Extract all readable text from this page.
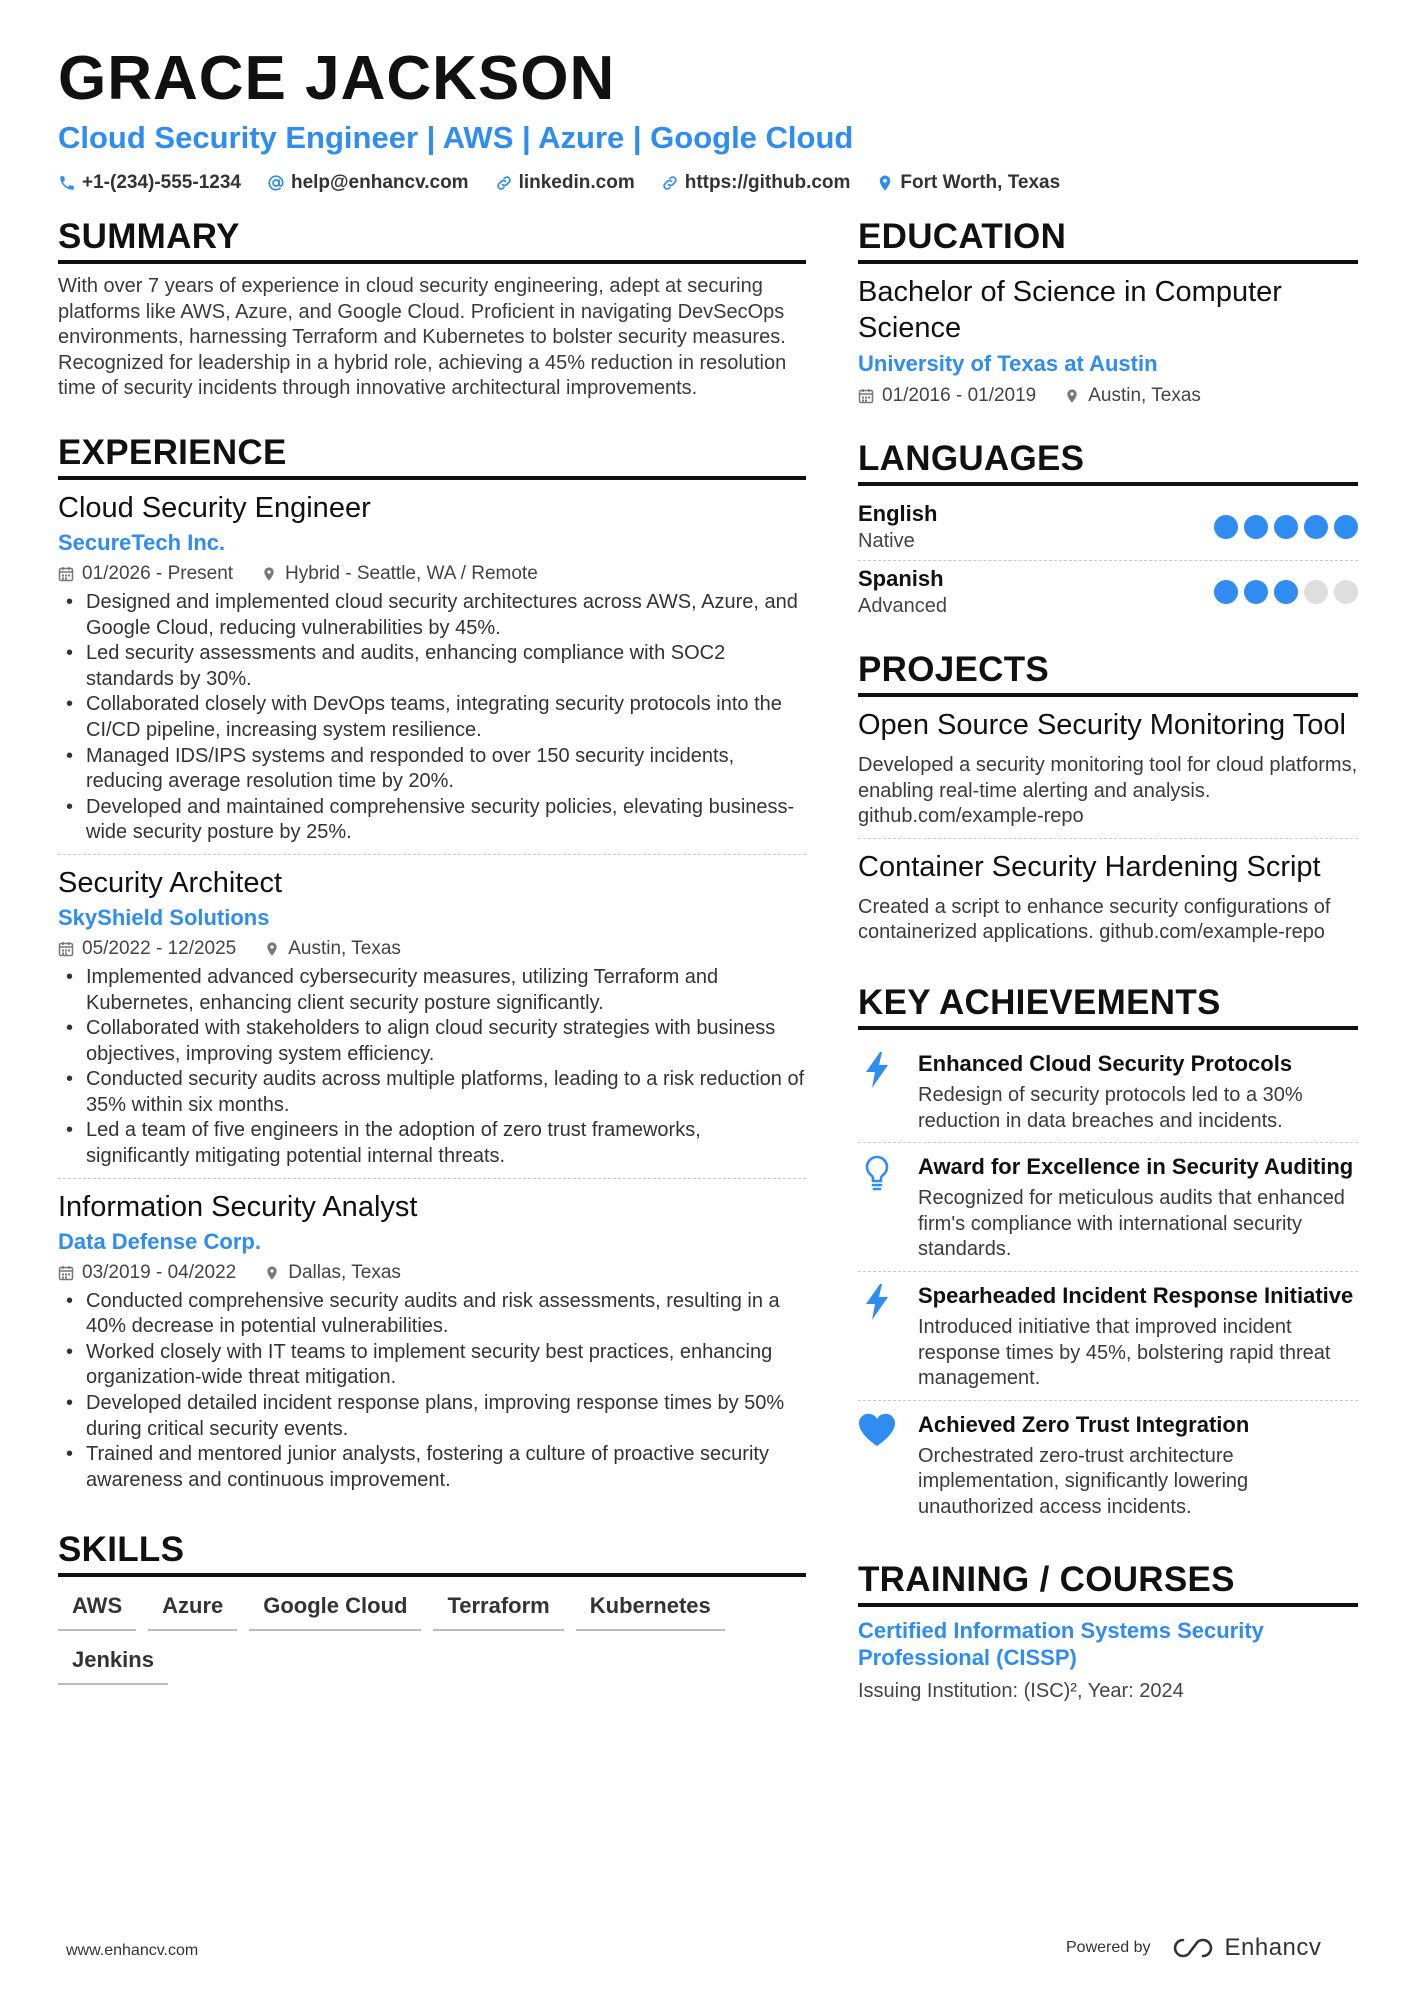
GRACE JACKSON
Cloud Security Engineer | AWS | Azure | Google Cloud
+1-(234)-555-1234	help@enhancv.com	linkedin.com	https://github.com	Fort Worth, Texas
SUMMARY

With over 7 years of experience in cloud security engineering, adept at securing platforms like AWS, Azure, and Google Cloud. Proficient in navigating DevSecOps environments, harnessing Terraform and Kubernetes to bolster security measures. Recognized for leadership in a hybrid role, achieving a 45% reduction in resolution time of security incidents through innovative architectural improvements.

EXPERIENCE
Cloud Security Engineer
SecureTech Inc.
01/2026 - Present	Hybrid - Seattle, WA / Remote
• Designed and implemented cloud security architectures across AWS, Azure, and Google Cloud, reducing vulnerabilities by 45%.
• Led security assessments and audits, enhancing compliance with SOC2 standards by 30%.
• Collaborated closely with DevOps teams, integrating security protocols into the CI/CD pipeline, increasing system resilience.
• Managed IDS/IPS systems and responded to over 150 security incidents, reducing average resolution time by 20%.
• Developed and maintained comprehensive security policies, elevating business-wide security posture by 25%.
Security Architect
SkyShield Solutions
05/2022 - 12/2025	Austin, Texas
• Implemented advanced cybersecurity measures, utilizing Terraform and Kubernetes, enhancing client security posture significantly.
• Collaborated with stakeholders to align cloud security strategies with business objectives, improving system efficiency.
• Conducted security audits across multiple platforms, leading to a risk reduction of 35% within six months.
• Led a team of five engineers in the adoption of zero trust frameworks, significantly mitigating potential internal threats.
Information Security Analyst
Data Defense Corp.
03/2019 - 04/2022	Dallas, Texas
• Conducted comprehensive security audits and risk assessments, resulting in a 40% decrease in potential vulnerabilities.
• Worked closely with IT teams to implement security best practices, enhancing organization-wide threat mitigation.
• Developed detailed incident response plans, improving response times by 50% during critical security events.
• Trained and mentored junior analysts, fostering a culture of proactive security awareness and continuous improvement.
SKILLS
AWS	Azure	Google Cloud	Terraform	Kubernetes
Jenkins
EDUCATION
Bachelor of Science in Computer Science
University of Texas at Austin
01/2016 - 01/2019	Austin, Texas
LANGUAGES
English
Native
Spanish
Advanced
PROJECTS
Open Source Security Monitoring Tool

Developed a security monitoring tool for cloud platforms, enabling real-time alerting and analysis. github.com/example-repo

Container Security Hardening Script

Created a script to enhance security configurations of containerized applications. github.com/example-repo

KEY ACHIEVEMENTS
Enhanced Cloud Security Protocols

Redesign of security protocols led to a 30% reduction in data breaches and incidents.

Award for Excellence in Security Auditing

Recognized for meticulous audits that enhanced firm's compliance with international security standards.

Spearheaded Incident Response Initiative

Introduced initiative that improved incident response times by 45%, bolstering rapid threat management.

Achieved Zero Trust Integration

Orchestrated zero-trust architecture implementation, significantly lowering unauthorized access incidents.

TRAINING / COURSES
Certified Information Systems Security Professional (CISSP)
Issuing Institution: (ISC)², Year: 2024
www.enhancv.com	Powered by	Enhancv
